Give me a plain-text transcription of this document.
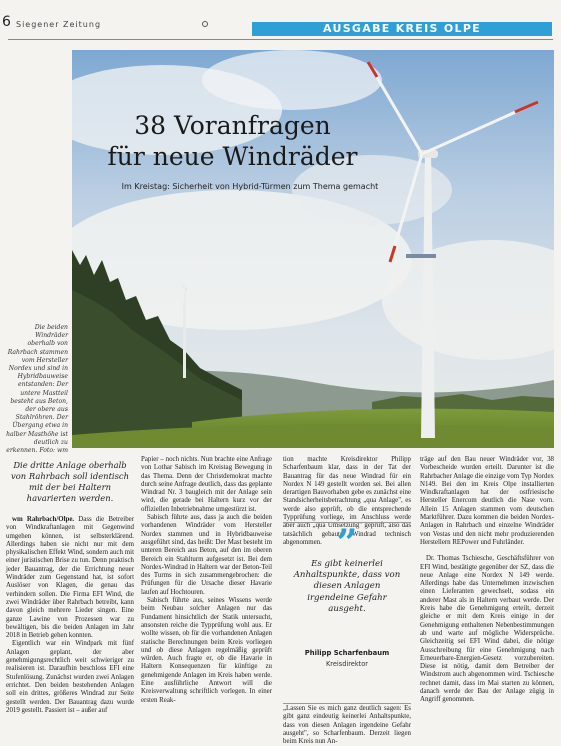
6 Siegener Zeitung	AUSGABE KREIS OLPE
38 Voranfragen
für neue Windräder
Im Kreistag: Sicherheit von Hybrid-Türmen zum Thema gemacht
Die beiden Windräder oberhalb von Rahrbach stammen vom Hersteller Nordex und sind in Hybridbauweise entstanden: Der untere Mastteil besteht aus Beton, der obere aus Stahlröhren. Der Übergang etwa in halber Masthöhe ist deutlich zu erkennen. Foto: wm
Die dritte Anlage oberhalb von Rahrbach soll identisch mit der bei Haltern havarierten werden.

wm Rahrbach/Olpe. Dass die Betreiber von Windkraftanlagen mit Gegenwind umgehen können, ist selbsterklärend. Allerdings haben sie nicht nur mit dem physikalischen Effekt Wind, sondern auch mit einer juristischen Brise zu tun. Denn praktisch jeder Bauantrag, der die Errichtung neuer Windräder zum Gegenstand hat, ist sofort Auslöser von Klagen, die genau das verhindern sollen. Die Firma EFI Wind, die zwei Windräder über Rahrbach betreibt, kann davon gleich mehrere Lieder singen. Eine ganze Lawine von Prozessen war zu bewältigen, bis die beiden Anlagen im Jahr 2018 in Betrieb gehen konnten.

Eigentlich war ein Windpark mit fünf Anlagen geplant, der aber genehmigungsrechtlich weit schwieriger zu realisieren ist. Daraufhin beschloss EFI eine Stufenlösung. Zunächst wurden zwei Anlagen errichtet. Den beiden bestehenden Anlagen soll ein drittes, größeres Windrad zur Seite gestellt werden. Der Bauantrag dazu wurde 2019 gestellt. Passiert ist – außer auf

Papier – noch nichts. Nun brachte eine Anfrage von Lothar Sabisch im Kreistag Bewegung in das Thema. Denn der Christdemokrat machte durch seine Anfrage deutlich, dass das geplante Windrad Nr. 3 baugleich mit der Anlage sein wird, die gerade bei Haltern kurz vor der offiziellen Inbetriebnahme umgestürzt ist.

Sabisch führte aus, dass ja auch die beiden vorhandenen Windräder vom Hersteller Nordex stammen und in Hybridbauweise ausgeführt sind, das heißt: Der Mast besteht im unteren Bereich aus Beton, auf den im oberen Bereich ein Stahlturm aufgesetzt ist. Bei dem Nordex-Windrad in Haltern war der Beton-Teil des Turms in sich zusammengebrochen: die Prüfungen für die Ursache dieser Havarie laufen auf Hochtouren.

Sabisch führte aus, seines Wissens werde beim Neubau solcher Anlagen nur das Fundament hinsichtlich der Statik untersucht, ansonsten reiche die Typprüfung wohl aus. Er wollte wissen, ob für die vorhandenen Anlagen statische Berechnungen beim Kreis vorliegen und ob diese Anlagen regelmäßig geprüft würden. Auch fragte er, ob die Havarie in Haltern Konsequenzen für künftige zu genehmigende Anlagen im Kreis haben werde. Eine ausführliche Antwort will die Kreisverwaltung schriftlich vorlegen. In einer ersten Reak-

tion machte Kreisdirektor Philipp Scharfenbaum klar, dass in der Tat der Bauantrag für das neue Windrad für ein Nordex N 149 gestellt worden sei. Bei allen derartigen Bauvorhaben gebe es zunächst eine Standsicherheitsbetrachtung „qua Anlage", es werde also geprüft, ob die entsprechende Typprüfung vorliege, im Anschluss werde aber auch „qua Umsetzung" geprüft, also das tatsächlich gebaute Windrad technisch abgenommen. ”
Es gibt keinerlei Anhaltspunkte, dass von diesen Anlagen irgendeine Gefahr ausgeht.
Philipp Scharfenbaum
Kreisdirektor
„Lassen Sie es mich ganz deutlich sagen: Es gibt ganz eindeutig keinerlei Anhaltspunkte, dass von diesen Anlagen irgendeine Gefahr ausgeht", so Scharfenbaum. Derzeit liegen beim Kreis nun An-

träge auf den Bau neuer Windräder vor, 38 Vorbescheide wurden erteilt. Darunter ist die Rahrbacher Anlage die einzige vom Typ Nordex N149. Bei den im Kreis Olpe installierten Windkraftanlagen hat der ostfriesische Hersteller Enercom deutlich die Nase vorn. Allein 15 Anlagen stammen vom deutschen Marktführer. Dazu kommen die beiden Nordex-Anlagen in Rahrbach und einzelne Windräder von Vestas und den nicht mehr produzierenden Herstellern REPower und Fuhrländer.

Dr. Thomas Tschiesche, Geschäftsführer von EFI Wind, bestätigte gegenüber der SZ, dass die neue Anlage eine Nordex N 149 werde. Allerdings habe das Unternehmen inzwischen einen Lieferanten gewechselt, sodass ein anderer Mast als in Haltern verbaut werde. Der Kreis habe die Genehmigung erteilt, derzeit gleiche er mit dem Kreis einige in der Genehmigung enthaltenen Nebenbestimmungen ab und warte auf mögliche Widersprüche. Gleichzeitig sei EFI Wind dabei, die nötige Ausschreibung für eine Genehmigung nach Erneuerbare-Energien-Gesetz vorzubereiten. Diese ist nötig, damit dem Betreiber der Windstrom auch abgenommen wird. Tschiesche rechnet damit, dass im Mai starten zu können, danach werde der Bau der Anlage zügig in Angriff genommen.
